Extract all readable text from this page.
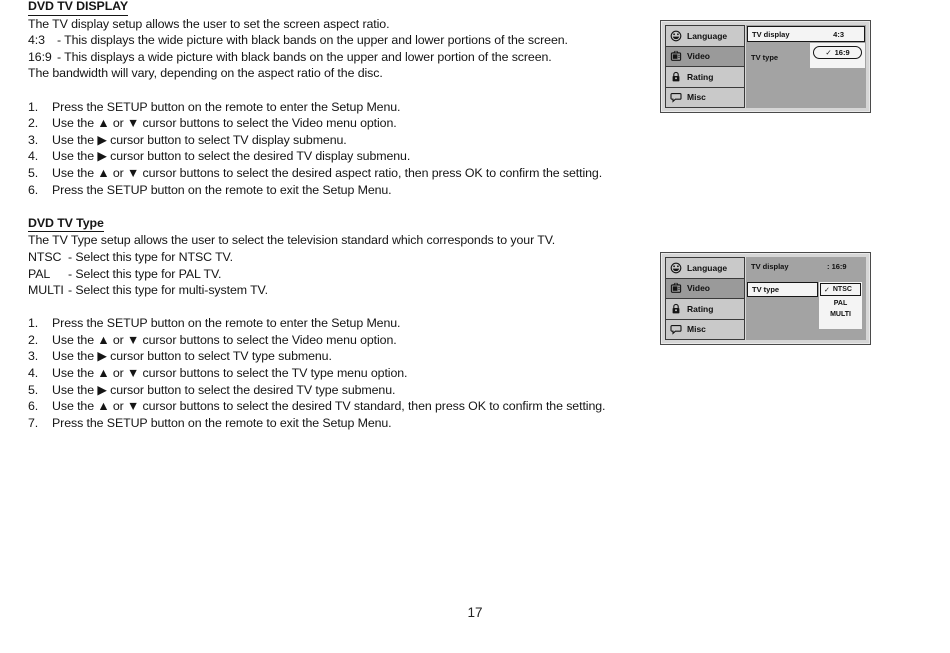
DVD TV DISPLAY
The TV display setup allows the user to set the screen aspect ratio.
4:3 - This displays the wide picture with black bands on the upper and lower portions of the screen.
16:9 - This displays a wide picture with black bands on the upper and lower portion of the screen.
The bandwidth will vary, depending on the aspect ratio of the disc.
1.	Press the SETUP button on the remote to enter the Setup Menu.
2.	Use the ▲ or ▼ cursor buttons to select the Video menu option.
3.	Use the ▶ cursor button to select TV display submenu.
4.	Use the ▶ cursor button to select the desired TV display submenu.
5.	Use the ▲ or ▼ cursor buttons to select the desired aspect ratio, then press OK to confirm the setting.
6.	Press the SETUP button on the remote to exit the Setup Menu.
DVD TV Type
The TV Type setup allows the user to select the television standard which corresponds to your TV.
NTSC - Select this type for NTSC TV.
PAL	- Select this type for PAL TV.
MULTI - Select this type for multi-system TV.
1.	Press the SETUP button on the remote to enter the Setup Menu.
2.	Use the ▲ or ▼ cursor buttons to select the Video menu option.
3.	Use the ▶ cursor button to select TV type submenu.
4.	Use the ▲ or ▼ cursor buttons to select the TV type menu option.
5.	Use the ▶ cursor button to select the desired TV type submenu.
6.	Use the ▲ or ▼ cursor buttons to select the desired TV standard, then press OK to confirm the setting.
7.	Press the SETUP button on the remote to exit the Setup Menu.
Language
Video
Rating
Misc
TV display	4:3
✓ 16:9
TV type
Language
Video
Rating
Misc
TV display	: 16:9
TV type	✓ NTSC
PAL
MULTI
17
